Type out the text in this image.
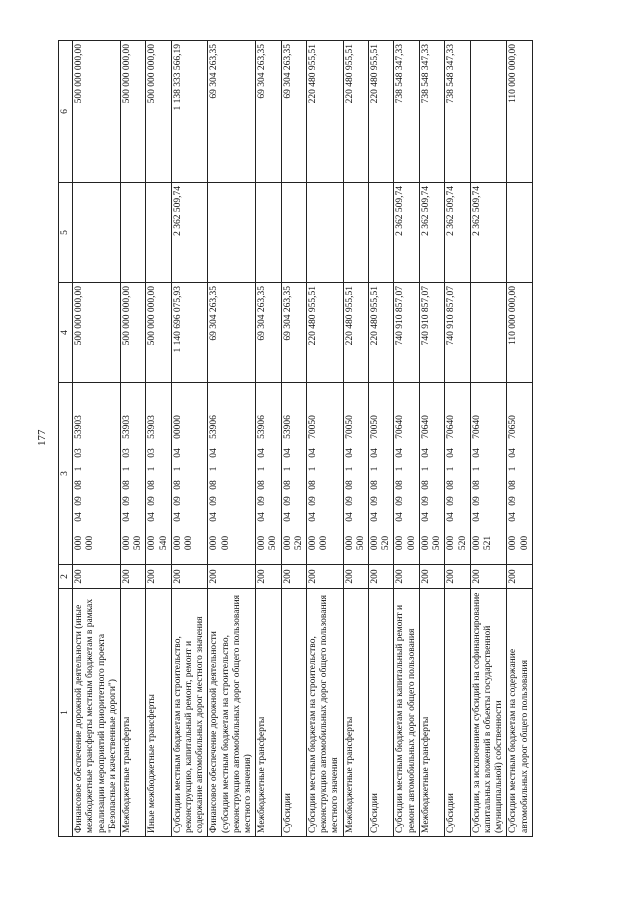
177
1	2	3	4	5	6
Финансовое обеспечение дорожной деятельности (иные межбюджетные трансферты местным бюджетам в рамках реализации мероприятий приоритетного проекта "Безопасные и качественные дороги")	200	00004090810353903000	500 000 000,00		500 000 000,00
Межбюджетные трансферты	200	00004090810353903500	500 000 000,00		500 000 000,00
Иные межбюджетные трансферты	200	00004090810353903540	500 000 000,00		500 000 000,00
Субсидии местным бюджетам на строительство, реконструкцию, капитальный ремонт, ремонт и содержание автомобильных дорог местного значения	200	00004090810400000000	1 140 696 075,93	2 362 509,74	1 138 333 566,19
Финансовое обеспечение дорожной деятельности (субсидии местным бюджетам на строительство, реконструкцию автомобильных дорог общего пользования местного значения)	200	00004090810453906000	69 304 263,35		69 304 263,35
Межбюджетные трансферты	200	00004090810453906500	69 304 263,35		69 304 263,35
Субсидии	200	00004090810453906520	69 304 263,35		69 304 263,35
Субсидии местным бюджетам на строительство, реконструкцию автомобильных дорог общего пользования местного значения	200	00004090810470050000	220 480 955,51		220 480 955,51
Межбюджетные трансферты	200	00004090810470050500	220 480 955,51		220 480 955,51
Субсидии	200	00004090810470050520	220 480 955,51		220 480 955,51
Субсидии местным бюджетам на капитальный ремонт и ремонт автомобильных дорог общего пользования	200	00004090810470640000	740 910 857,07	2 362 509,74	738 548 347,33
Межбюджетные трансферты	200	00004090810470640500	740 910 857,07	2 362 509,74	738 548 347,33
Субсидии	200	00004090810470640520	740 910 857,07	2 362 509,74	738 548 347,33
Субсидии, за исключением субсидий на софинансирование капитальных вложений в объекты государственной (муниципальной) собственности	200	00004090810470640521		2 362 509,74	
Субсидии местным бюджетам на содержание автомобильных дорог общего пользования	200	00004090810470650000	110 000 000,00		110 000 000,00
